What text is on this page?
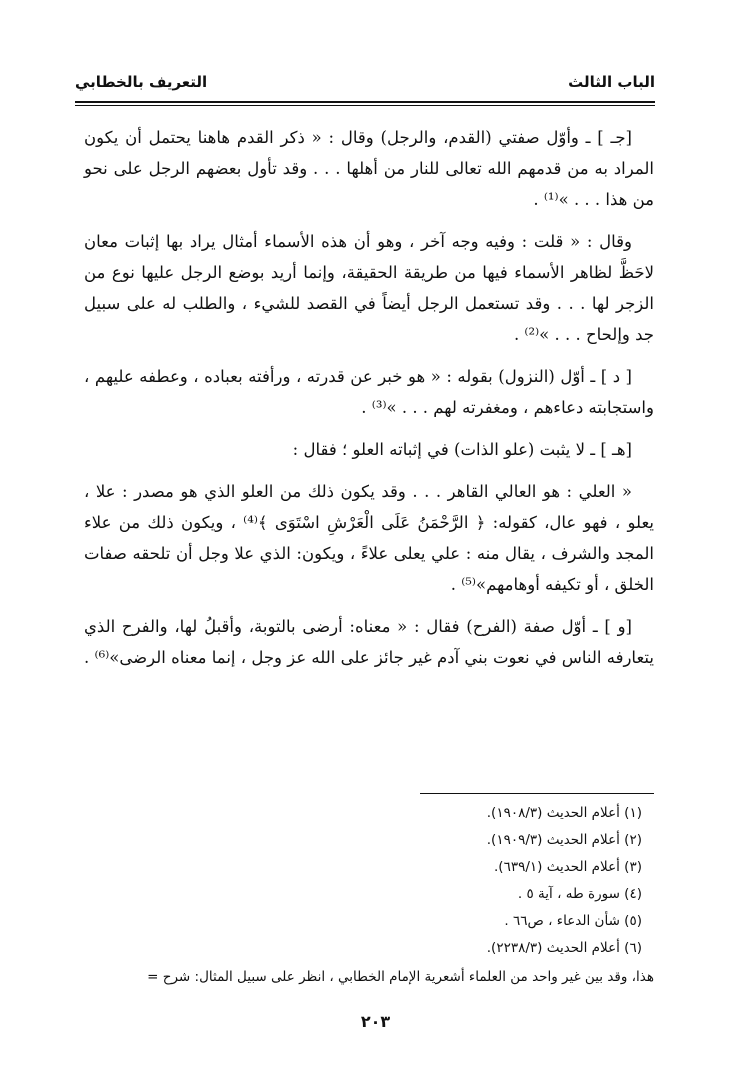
الباب الثالث
التعريف بالخطابي

[جـ ] ـ وأوّل صفتي (القدم، والرجل) وقال : « ذكر القدم هاهنا يحتمل أن يكون المراد به من قدمهم الله تعالى للنار من أهلها . . . وقد تأول بعضهم الرجل على نحو من هذا . . . »⁽¹⁾ .

وقال : « قلت : وفيه وجه آخر ، وهو أن هذه الأسماء أمثال يراد بها إثبات معان لاحَظَّ لظاهر الأسماء فيها من طريقة الحقيقة، وإنما أريد بوضع الرجل عليها نوع من الزجر لها . . . وقد تستعمل الرجل أيضاً في القصد للشيء ، والطلب له على سبيل جد وإلحاح . . . »⁽²⁾ .

[ د ] ـ أوّل (النزول) بقوله : « هو خبر عن قدرته ، ورأفته بعباده ، وعطفه عليهم ، واستجابته دعاءهم ، ومغفرته لهم . . . »⁽³⁾ .

[هـ ] ـ لا يثبت (علو الذات) في إثباته العلو ؛ فقال :

« العلي : هو العالي القاهر . . . وقد يكون ذلك من العلو الذي هو مصدر : علا ، يعلو ، فهو عال، كقوله: ﴿ الرَّحْمَنُ عَلَى الْعَرْشِ اسْتَوَى ﴾⁽⁴⁾ ، ويكون ذلك من علاء المجد والشرف ، يقال منه : علي يعلى علاءً ، ويكون: الذي علا وجل أن تلحقه صفات الخلق ، أو تكيفه أوهامهم»⁽⁵⁾ .

[و ] ـ أوّل صفة (الفرح) فقال : « معناه: أرضى بالتوبة، وأقبلُ لها، والفرح الذي يتعارفه الناس في نعوت بني آدم غير جائز على الله عز وجل ، إنما معناه الرضى»⁽⁶⁾ .

(١) أعلام الحديث (١٩٠٨/٣).

(٢) أعلام الحديث (١٩٠٩/٣).

(٣) أعلام الحديث (٦٣٩/١).

(٤) سورة طه ، آية ٥ .

(٥) شأن الدعاء ، ص٦٦ .

(٦) أعلام الحديث (٢٢٣٨/٣).

هذا، وقد بين غير واحد من العلماء أشعرية الإمام الخطابي ، انظر على سبيل المثال: شرح =

٢٠٣
